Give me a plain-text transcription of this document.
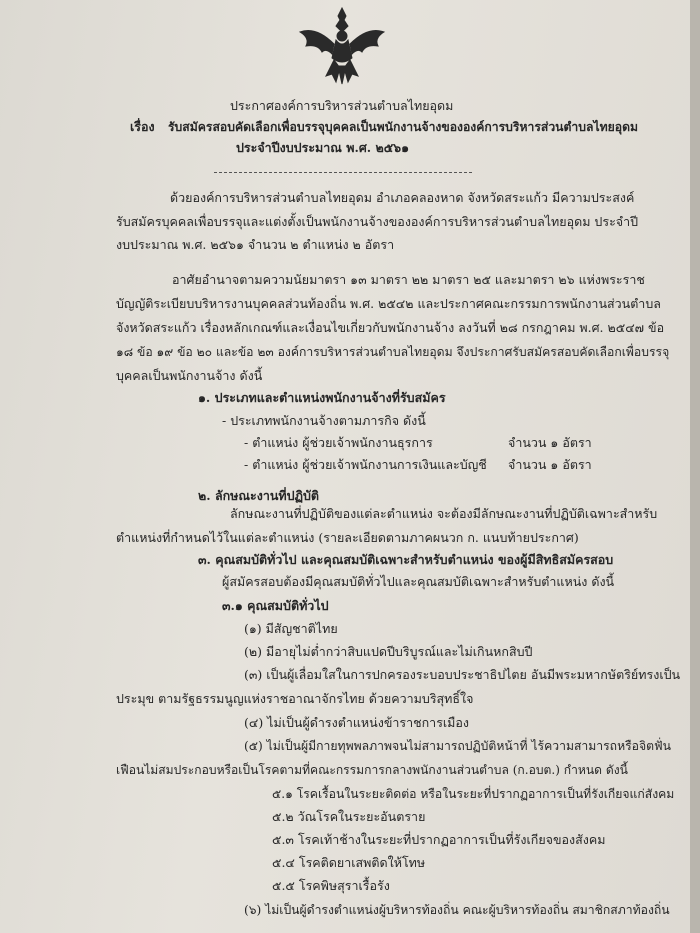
ประกาศองค์การบริหารส่วนตำบลไทยอุดม
เรื่อง รับสมัครสอบคัดเลือกเพื่อบรรจุบุคคลเป็นพนักงานจ้างขององค์การบริหารส่วนตำบลไทยอุดม
ประจำปีงบประมาณ พ.ศ. ๒๕๖๑
ด้วยองค์การบริหารส่วนตำบลไทยอุดม อำเภอคลองหาด จังหวัดสระแก้ว มีความประสงค์
รับสมัครบุคคลเพื่อบรรจุและแต่งตั้งเป็นพนักงานจ้างขององค์การบริหารส่วนตำบลไทยอุดม ประจำปี
งบประมาณ พ.ศ. ๒๕๖๑ จำนวน ๒ ตำแหน่ง ๒ อัตรา
อาศัยอำนาจตามความนัยมาตรา ๑๓ มาตรา ๒๒ มาตรา ๒๕ และมาตรา ๒๖ แห่งพระราช
บัญญัติระเบียบบริหารงานบุคคลส่วนท้องถิ่น พ.ศ. ๒๕๔๒ และประกาศคณะกรรมการพนักงานส่วนตำบล
จังหวัดสระแก้ว เรื่องหลักเกณฑ์และเงื่อนไขเกี่ยวกับพนักงานจ้าง ลงวันที่ ๒๘ กรกฎาคม พ.ศ. ๒๕๔๗ ข้อ
๑๘ ข้อ ๑๙ ข้อ ๒๐ และข้อ ๒๓ องค์การบริหารส่วนตำบลไทยอุดม จึงประกาศรับสมัครสอบคัดเลือกเพื่อบรรจุ
บุคคลเป็นพนักงานจ้าง ดังนี้
๑. ประเภทและตำแหน่งพนักงานจ้างที่รับสมัคร
- ประเภทพนักงานจ้างตามภารกิจ ดังนี้
- ตำแหน่ง ผู้ช่วยเจ้าพนักงานธุรการ	จำนวน ๑ อัตรา
- ตำแหน่ง ผู้ช่วยเจ้าพนักงานการเงินและบัญชี จำนวน ๑ อัตรา
๒. ลักษณะงานที่ปฏิบัติ
ลักษณะงานที่ปฏิบัติของแต่ละตำแหน่ง จะต้องมีลักษณะงานที่ปฏิบัติเฉพาะสำหรับ
ตำแหน่งที่กำหนดไว้ในแต่ละตำแหน่ง (รายละเอียดตามภาคผนวก ก. แนบท้ายประกาศ)
๓. คุณสมบัติทั่วไป และคุณสมบัติเฉพาะสำหรับตำแหน่ง ของผู้มีสิทธิสมัครสอบ
ผู้สมัครสอบต้องมีคุณสมบัติทั่วไปและคุณสมบัติเฉพาะสำหรับตำแหน่ง ดังนี้
๓.๑ คุณสมบัติทั่วไป
(๑) มีสัญชาติไทย
(๒) มีอายุไม่ต่ำกว่าสิบแปดปีบริบูรณ์และไม่เกินหกสิบปี
(๓) เป็นผู้เลื่อมใสในการปกครองระบอบประชาธิปไตย อันมีพระมหากษัตริย์ทรงเป็น
ประมุข ตามรัฐธรรมนูญแห่งราชอาณาจักรไทย ด้วยความบริสุทธิ์ใจ
(๔) ไม่เป็นผู้ดำรงตำแหน่งข้าราชการเมือง
(๕) ไม่เป็นผู้มีกายทุพพลภาพจนไม่สามารถปฏิบัติหน้าที่ ไร้ความสามารถหรือจิตฟั่น
เฟือนไม่สมประกอบหรือเป็นโรคตามที่คณะกรรมการกลางพนักงานส่วนตำบล (ก.อบต.) กำหนด ดังนี้
๕.๑ โรคเรื้อนในระยะติดต่อ หรือในระยะที่ปรากฏอาการเป็นที่รังเกียจแก่สังคม
๕.๒ วัณโรคในระยะอันตราย
๕.๓ โรคเท้าช้างในระยะที่ปรากฏอาการเป็นที่รังเกียจของสังคม
๕.๔ โรคติดยาเสพติดให้โทษ
๕.๕ โรคพิษสุราเรื้อรัง
(๖) ไม่เป็นผู้ดำรงตำแหน่งผู้บริหารท้องถิ่น คณะผู้บริหารท้องถิ่น สมาชิกสภาท้องถิ่น
